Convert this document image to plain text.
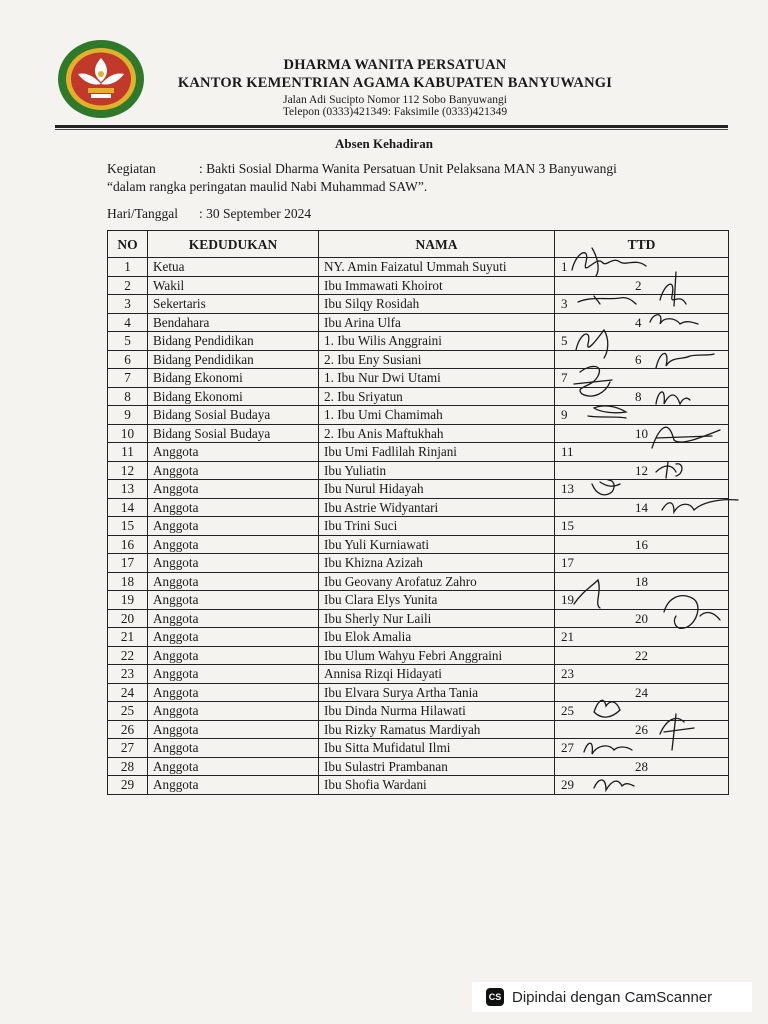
DHARMA WANITA PERSATUAN
KANTOR KEMENTRIAN AGAMA KABUPATEN BANYUWANGI
Jalan Adi Sucipto Nomor 112 Sobo Banyuwangi
Telepon (0333)421349: Faksimile (0333)421349
Absen Kehadiran
Kegiatan	: Bakti Sosial Dharma Wanita Persatuan Unit Pelaksana MAN 3 Banyuwangi
“dalam rangka peringatan maulid Nabi Muhammad SAW”.
Hari/Tanggal : 30 September 2024
NO	KEDUDUKAN	NAMA	TTD
1	Ketua	NY. Amin Faizatul Ummah Suyuti	1

2	Wakil	Ibu Immawati Khoirot	2

3	Sekertaris	Ibu Silqy Rosidah	3

4	Bendahara	Ibu Arina Ulfa	4

5	Bidang Pendidikan	1. Ibu Wilis Anggraini	5

6	Bidang Pendidikan	2. Ibu Eny Susiani	6

7	Bidang Ekonomi	1. Ibu Nur Dwi Utami	7

8	Bidang Ekonomi	2. Ibu Sriyatun	8

9	Bidang Sosial Budaya	1. Ibu Umi Chamimah	9

10	Bidang Sosial Budaya	2. Ibu Anis Maftukhah	10

11	Anggota	Ibu Umi Fadlilah Rinjani	11

12	Anggota	Ibu Yuliatin	12

13	Anggota	Ibu Nurul Hidayah	13

14	Anggota	Ibu Astrie Widyantari	14

15	Anggota	Ibu Trini Suci	15

16	Anggota	Ibu Yuli Kurniawati	16

17	Anggota	Ibu Khizna Azizah	17

18	Anggota	Ibu Geovany Arofatuz Zahro	18

19	Anggota	Ibu Clara Elys Yunita	19

20	Anggota	Ibu Sherly Nur Laili	20

21	Anggota	Ibu Elok Amalia	21

22	Anggota	Ibu Ulum Wahyu Febri Anggraini	22

23	Anggota	Annisa Rizqi Hidayati	23

24	Anggota	Ibu Elvara Surya Artha Tania	24

25	Anggota	Ibu Dinda Nurma Hilawati	25

26	Anggota	Ibu Rizky Ramatus Mardiyah	26

27	Anggota	Ibu Sitta Mufidatul Ilmi	27

28	Anggota	Ibu Sulastri Prambanan	28

29	Anggota	Ibu Shofia Wardani	29
CS Dipindai dengan CamScanner
